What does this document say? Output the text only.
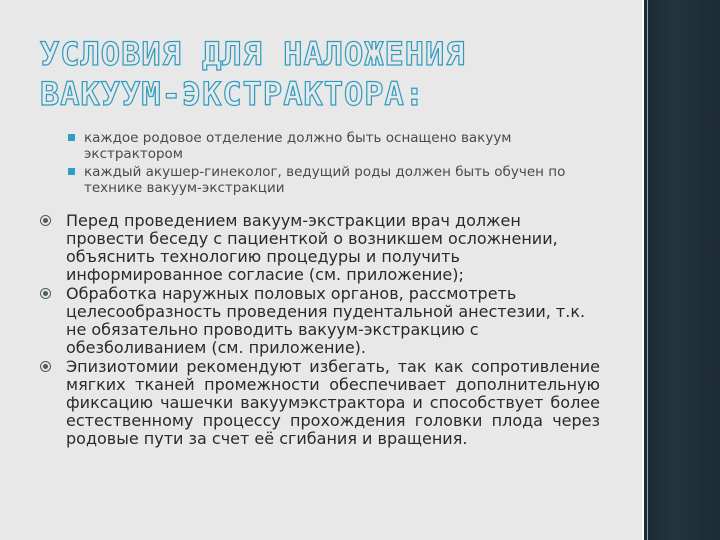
УСЛОВИЯ ДЛЯ НАЛОЖЕНИЯ ВАКУУМ-ЭКСТРАКТОРА:
каждое родовое отделение должно быть оснащено вакуум экстрактором
каждый акушер-гинеколог, ведущий роды должен быть обучен по технике вакуум-экстракции
Перед проведением вакуум-экстракции врач должен провести беседу с пациенткой о возникшем осложнении, объяснить технологию процедуры и получить информированное согласие (см. приложение);
Обработка наружных половых органов, рассмотреть целесообразность проведения пудентальной анестезии, т.к. не обязательно проводить вакуум-экстракцию с обезболиванием (см. приложение).
Эпизиотомии рекомендуют избегать, так как сопротивление мягких тканей промежности обеспечивает дополнительную фиксацию чашечки вакуумэкстрактора и способствует более естественному процессу прохождения головки плода через родовые пути за счет её сгибания и вращения.
